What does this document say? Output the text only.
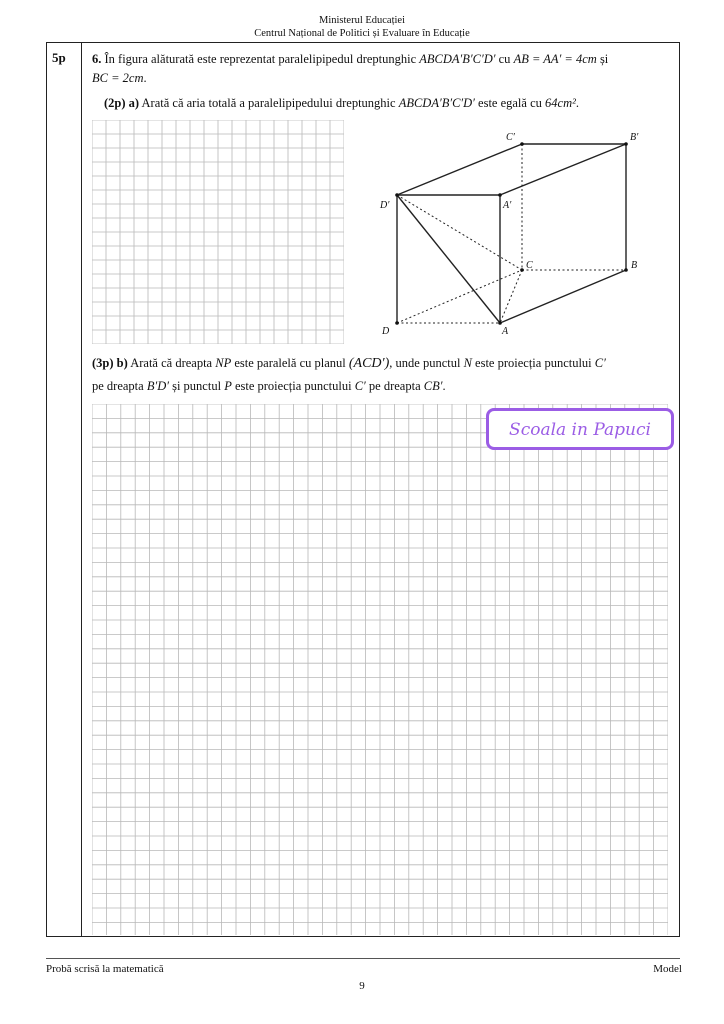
Ministerul Educației
Centrul Național de Politici și Evaluare în Educație
5p 6. În figura alăturată este reprezentat paralelipipedul dreptunghic ABCDA′B′C′D′ cu AB = AA′ = 4cm și
BC = 2cm.
(2p) a) Arată că aria totală a paralelipipedului dreptunghic ABCDA′B′C′D′ este egală cu 64cm².
C′	B′
D′	A′
C	B
D	A
(3p) b) Arată că dreapta NP este paralelă cu planul (ACD′), unde punctul N este proiecția punctului C′
pe dreapta B′D′ și punctul P este proiecția punctului C′ pe dreapta CB′.
Scoala in Papuci
Probă scrisă la matematică	Model
9
